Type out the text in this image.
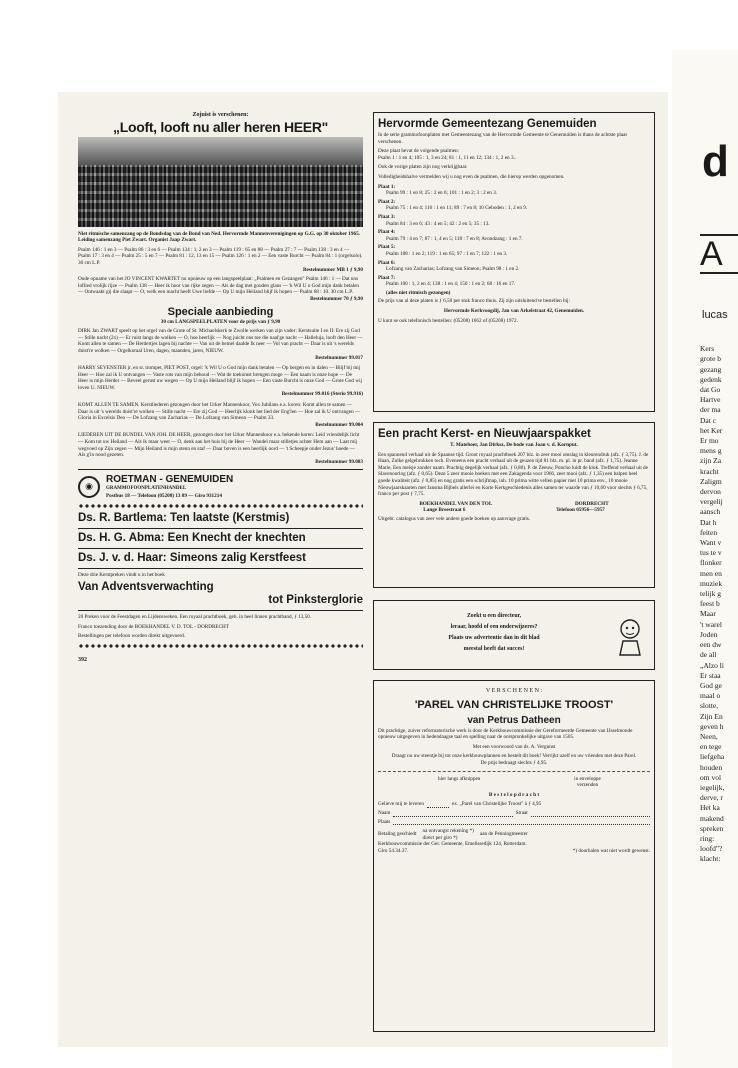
Zojuist is verschenen:
„Looft, looft nu aller heren HEER"

Niet ritmische samenzang op de Bondsdag van de Bond van Ned. Hervormde Mannenverenigingen op G.G. op 30 oktober 1965. Leiding samenzang Piet Zwart. Organist Jaap Zwart.

Psalm 146 : 1 en 3 — Psalm 86 : 3 en 6 — Psalm 134 : 1, 2 en 3 — Psalm 119 : 65 en 88 — Psalm 27 : 7 — Psalm 138 : 3 en 4 — Psalm 17 : 3 en 4 — Psalm 25 : 5 en 7 — Psalm 81 : 12, 13 en 15 — Psalm 126 : 1 en 2 — Een vaste Burcht — Psalm 84 : 1 (orgelsolo). 30 cm L.P.

Bestelnummer MB 1 ƒ 9,90

Oude opname van het JO VINCENT KWARTET nu opnieuw op een langspeelplaat: „Psalmen en Gezangen" Psalm 146 : 1 — Dat ons loflied vrolijk rijze — Psalm 138 — Heer ik hoor van rijke zegen — Als de dag met gouden glans — 'k Wil U o God mijn dank betalen — Ontwaakt gij die slaapt — O, welk een macht heeft Uwe liefde — Op U mijn Heiland blijf ik hopen — Psalm 68 : 10. 30 cm L.P.

Bestelnummer 70 ƒ 9,90

Speciale aanbieding

30 cm LANGSPEELPLATEN voor de prijs van ƒ 9,90

DIRK Jan ZWART speelt op het orgel van de Grote of St. Michaelskerk te Zwolle werken van zijn vader: Kerstsuite I en II: Ere zij God — Stille nacht (2x) — Er ruist langs de wolken — O, hoe heerlijk — Nog juicht ons toe die naal'ge nacht — Halleluja, looft den Heer — Komt allen te samen — De Herdertjes lagen bij nachte — Van uit de hemel daalde Ik neer — Vol van pracht — Daar is uit 's werelds duist're wolken — Orgelkoraal Uren, dagen, maanden, jaren, NIEUW.

Bestelnummer 99.017

HARRY SEVENSTER jr. en sr. trompet, PIET POST, orgel: 'k Wil U o God mijn dank betalen — Op bergen en in dalen — Blijf bij mij Heer — Hoe zal ik U ontvangen — Vaste rots van mijn behoud — Wat de toekomst brengen moge — Een naam is onze hope — De Heer is mijn Herder — Beveel gerust uw wegen — Op U mijn Heiland blijf ik hopen — Een vaste Burcht is onze God — Grote God wij loven U. NIEUW.

Bestelnummer 99.016 (Sterio 99.916)

KOMT ALLEN TE SAMEN. Kerstliederen gezongen door het Urker Mannenkoor, Vox Jubilans e.a. koren: Komt allen te samen — Daar is uit 's werelds duist're wolken — Stille nacht — Ere zij God — Heerlijk klonk het lied der Eng'len — Hoe zal ik U ontvangen — Gloria in Excelsis Deo — De Lofzang van Zacharias — De Lofzang van Simeon — Psalm 33.

Bestelnummer 99.004

LIEDEREN UIT DE BUNDEL VAN JOH. DE HEER, gezongen door het Urker Mannenkoor e.a. bekende koren: Leid vriendelijk licht — Kom tot uw Heiland — Als ik maar weet — O, denk aan het huis bij de Heer — Wandel maar stilletjes achter Hem aan — Laat mij wegvoed op Zijn zegen — Mijn Heiland is mijn steun en staf — Daar boven is een heerlijk oord — 't Scheepje onder Jezus' hoede — Als g'in nood gezeten.

Bestelnummer 99.003

◉
ROETMAN - GENEMUIDEN
GRAMMOFOONPLATENHANDEL
Postbus 18 — Telefoon (05208) 13 89 — Giro 931214
Ds. R. Bartlema: Ten laatste (Kerstmis)
Ds. H. G. Abma: Een Knecht der knechten
Ds. J. v. d. Haar: Simeons zalig Kerstfeest

Deze drie Kerstpreken vindt u in het boek

Van Adventsverwachting
tot Pinksterglorie

20 Preken voor de Feestdagen en Lijdensweken. Een royaal prachtboek, geb. in heel linnen prachtband, ƒ 13,50.

Franco toezending door de BOEKHANDEL V. D. TOL - DORDRECHT

Bestellingen per telefoon worden direkt uitgevoerd.

392
Hervormde Gemeentezang Genemuiden

In de serie grammofoonplaten met Gemeentezang van de Hervormde Gemeente te Genemuiden is thans de achtste plaat verschenen.

Deze plaat bevat de volgende psalmen:

Psalm 1 : 1 en 4; 105 : 1, 3 en 24; 81 : 1, 11 en 12; 134 : 1, 2 en 3..

Ook de vorige platen zijn nog verkrijgbaar.

Volledigheidshalve vermelden wij u nog even de psalmen, die hierop werden opgenomen.

Plaat 1:
Psalm 99 : 1 en 8; 25 : 2 en 6; 101 : 1 en 2; 3 : 2 en 3.
Plaat 2:
Psalm 75 : 1 en 4; 116 : 1 en 11; 89 : 7 en 8; 10 Geboden : 1, 2 en 9.
Plaat 3:
Psalm 84 : 3 en 6; 43 : 4 en 5; 42 : 2 en 5; 35 : 13.
Plaat 4:
Psalm 79 : 4 en 7; 87 : 1, 4 en 5; 118 : 7 en 8; Avondzang : 1 en 7.
Plaat 5:
Psalm 108 : 1 en 2; 119 : 1 en 65; 97 : 1 en 7; 122 : 1 en 3.
Plaat 6:
Lofzang van Zacharias; Lofzang van Simeon; Psalm 98 : 1 en 2.
Plaat 7:
Psalm 100 : 1, 2 en 4; 138 : 1 en 4; 150 : 1 en 2; 68 : 16 en 17.
(alles niet ritmisch gezongen)

De prijs van al deze platen is ƒ 6,50 per stuk franco thuis. Zij zijn uitsluitend te bestellen bij:

Hervormde Kerkvoogdij, Jan van Arkelstraat 42, Genemuiden.

U kunt se ook telefonisch bestellen: (05208) 1662 of (05208) 1972.

Een pracht Kerst- en Nieuwjaarspakket

T. Mateboer, Jan Dirksz, De bode van Joan v. d. Kornput.

Een spannend verhaal uit de Spaanse tijd. Groot royaal prachtboek 207 blz. in zeer mooi omslag in kleurendruk (afz. ƒ 3,75). J. de Haan, Zulke gelgebrokken toch. Eveneens een pracht verhaal uit de geuzen tijd 81 blz. m. pl. in pr. band (afz. ƒ 1,75). Jeanne Marie, Een meisje zonder naam. Prachtig degelijk verhaal (afz. ƒ 0,80). P. de Zeeuw, Poncho luidt de klok. Treffend verhaal uit de Slavenoorlog (afz. ƒ 0,65). Deze 5 zeer mooie boeken met een Zakagenda voor 1966, zeer mooi (afz. ƒ 1,35) een balpen heel goede kwaliteit (afz. ƒ 0,85) en nog gratis een schrijfmap, inh. 10 prima witte vellen papier met 10 prima env., 10 mooie Nieuwjaarskaarten met Jansma Bijbels allerlei en Korte Kerkgeschiedenis alles samen ter waarde van ƒ 10,60 voor slechts ƒ 6,75, franco per post ƒ 7,75.

BOEKHANDEL VAN DEN TOL	DORDRECHT
Lange Breestraat 6	Telefoon 05956—5957

Uitgebr. catalogus van zeer vele andere goede boeken op aanvrage gratis.

Zoekt u een directeur,
leraar, hoofd of een onderwijzeres?
Plaats uw advertentie dan in dit blad
meestal heeft dat succes!
V E R S C H E N E N :
'PAREL VAN CHRISTELIJKE TROOST'
van Petrus Datheen

Dit prachtige, zuiver reformatorische werk is door de Kerkbouwcommissie der Gereformeerde Gemeente van IJsselmonde opnieuw uitgegeven in hedendaagse taal en spelling naar de oorspronkelijke uitgave van 1505.

Met een voorwoord van ds. A. Vergunst

Draagt nu uw steentje bij tot onze kerkbouwplannen en bestelt dit boek! Verrijkt uzelf en uw vrienden met deze Parel.

De prijs bedraagt slechts ƒ 4,95.

hier langs afknippen	in enveloppe verzenden
B e s t e l o p d r a c h t
Gelieve mij te leveren	ex. „Parel van Christelijke Troost" à ƒ 4,95
Naam	Straat
Plaats
Betaling geschiedt na ontvangst rekening *)
direct per giro *)
aan de Penningmeester
Kerkbouwcommissie der Ger. Gemeente, Emelissedijk 124, Rotterdam.
Giro 54.34.37.	*) doorhalen wat niet wordt gewenst.
d
A
lucas
Kers
grote b
gezang
gedenk
dat Go
Hartve
der ma
Dat c
het Ker
Er mo
mens g
zijn Za
kracht
Zaligm
dervon
vergelij
aansch
Dat h
feiten
Want v
tus te v
flonker
men en
muziek
telijk g
feest b
Maar
't warel
Joden
een dw
de all
„Alzo li
Er staa
God ge
maal o
slotte,
Zijn En
geven h
Neen,
en tege
liefgeha
houden
om vol
iegelijk,
derve, r
Het ka
makend
spreken
ring:
loofd"?
klacht:
